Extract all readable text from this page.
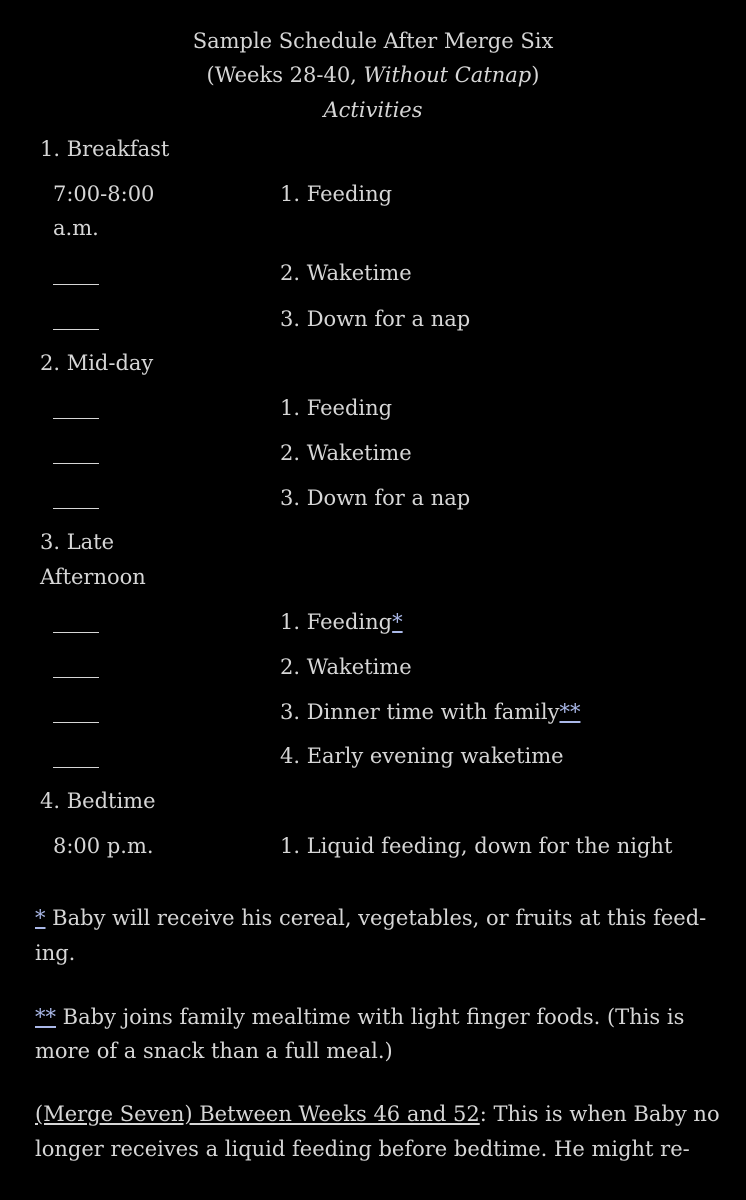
Sample Schedule After Merge Six
(Weeks 28-40, Without Catnap)
Activities
1. Breakfast
7:00-8:00
a.m.
1. Feeding
2. Waketime
3. Down for a nap
2. Mid-day
1. Feeding
2. Waketime
3. Down for a nap
3. Late
Afternoon
1. Feeding*
2. Waketime
3. Dinner time with family**
4. Early evening waketime
4. Bedtime
8:00 p.m.	1. Liquid feeding, down for the night
* Baby will receive his cereal, vegetables, or fruits at this feed-
ing.
** Baby joins family mealtime with light finger foods. (This is
more of a snack than a full meal.)
(Merge Seven) Between Weeks 46 and 52: This is when Baby no
longer receives a liquid feeding before bedtime. He might re-
